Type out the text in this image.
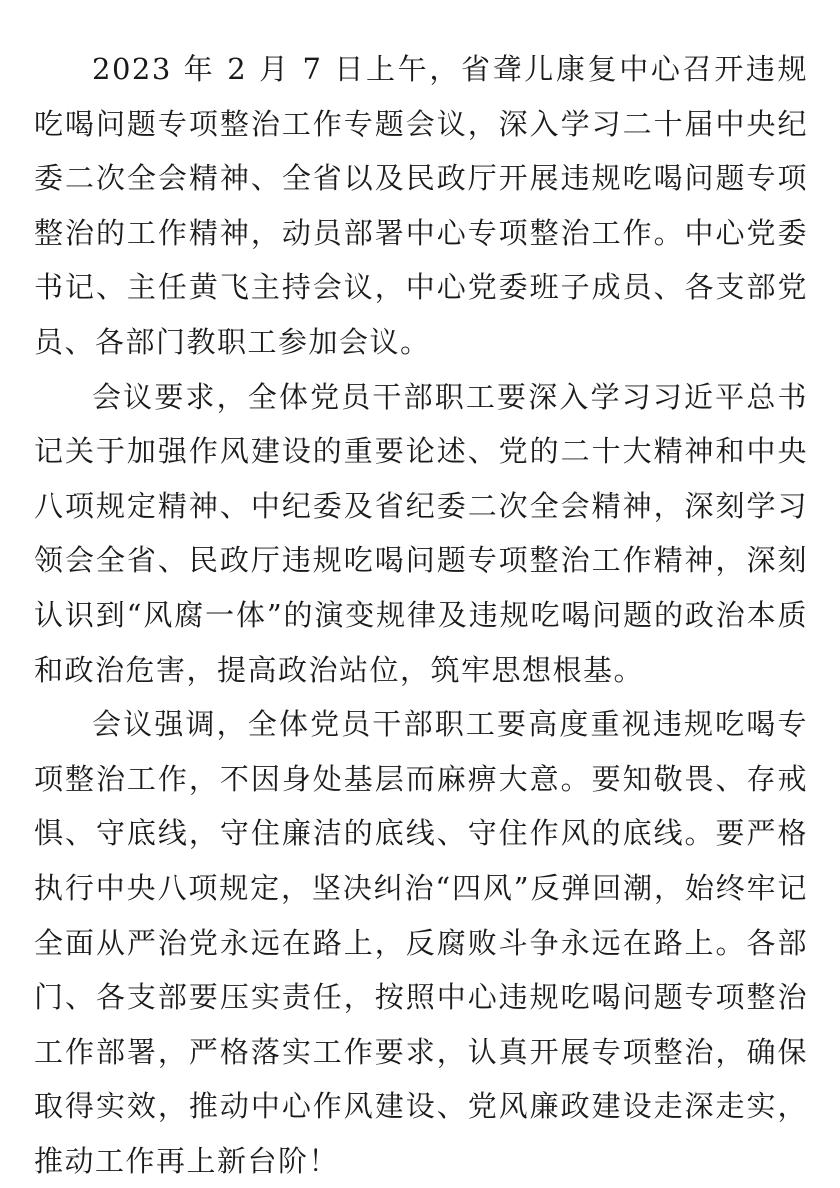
2023 年 2 月 7 日上午，省聋儿康复中心召开违规吃喝问题专项整治工作专题会议，深入学习二十届中央纪委二次全会精神、全省以及民政厅开展违规吃喝问题专项整治的工作精神，动员部署中心专项整治工作。中心党委书记、主任黄飞主持会议，中心党委班子成员、各支部党员、各部门教职工参加会议。

会议要求，全体党员干部职工要深入学习习近平总书记关于加强作风建设的重要论述、党的二十大精神和中央八项规定精神、中纪委及省纪委二次全会精神，深刻学习领会全省、民政厅违规吃喝问题专项整治工作精神，深刻认识到“风腐一体”的演变规律及违规吃喝问题的政治本质和政治危害，提高政治站位，筑牢思想根基。

会议强调，全体党员干部职工要高度重视违规吃喝专项整治工作，不因身处基层而麻痹大意。要知敬畏、存戒惧、守底线，守住廉洁的底线、守住作风的底线。要严格执行中央八项规定，坚决纠治“四风”反弹回潮，始终牢记全面从严治党永远在路上，反腐败斗争永远在路上。各部门、各支部要压实责任，按照中心违规吃喝问题专项整治工作部署，严格落实工作要求，认真开展专项整治，确保取得实效，推动中心作风建设、党风廉政建设走深走实，推动工作再上新台阶！
